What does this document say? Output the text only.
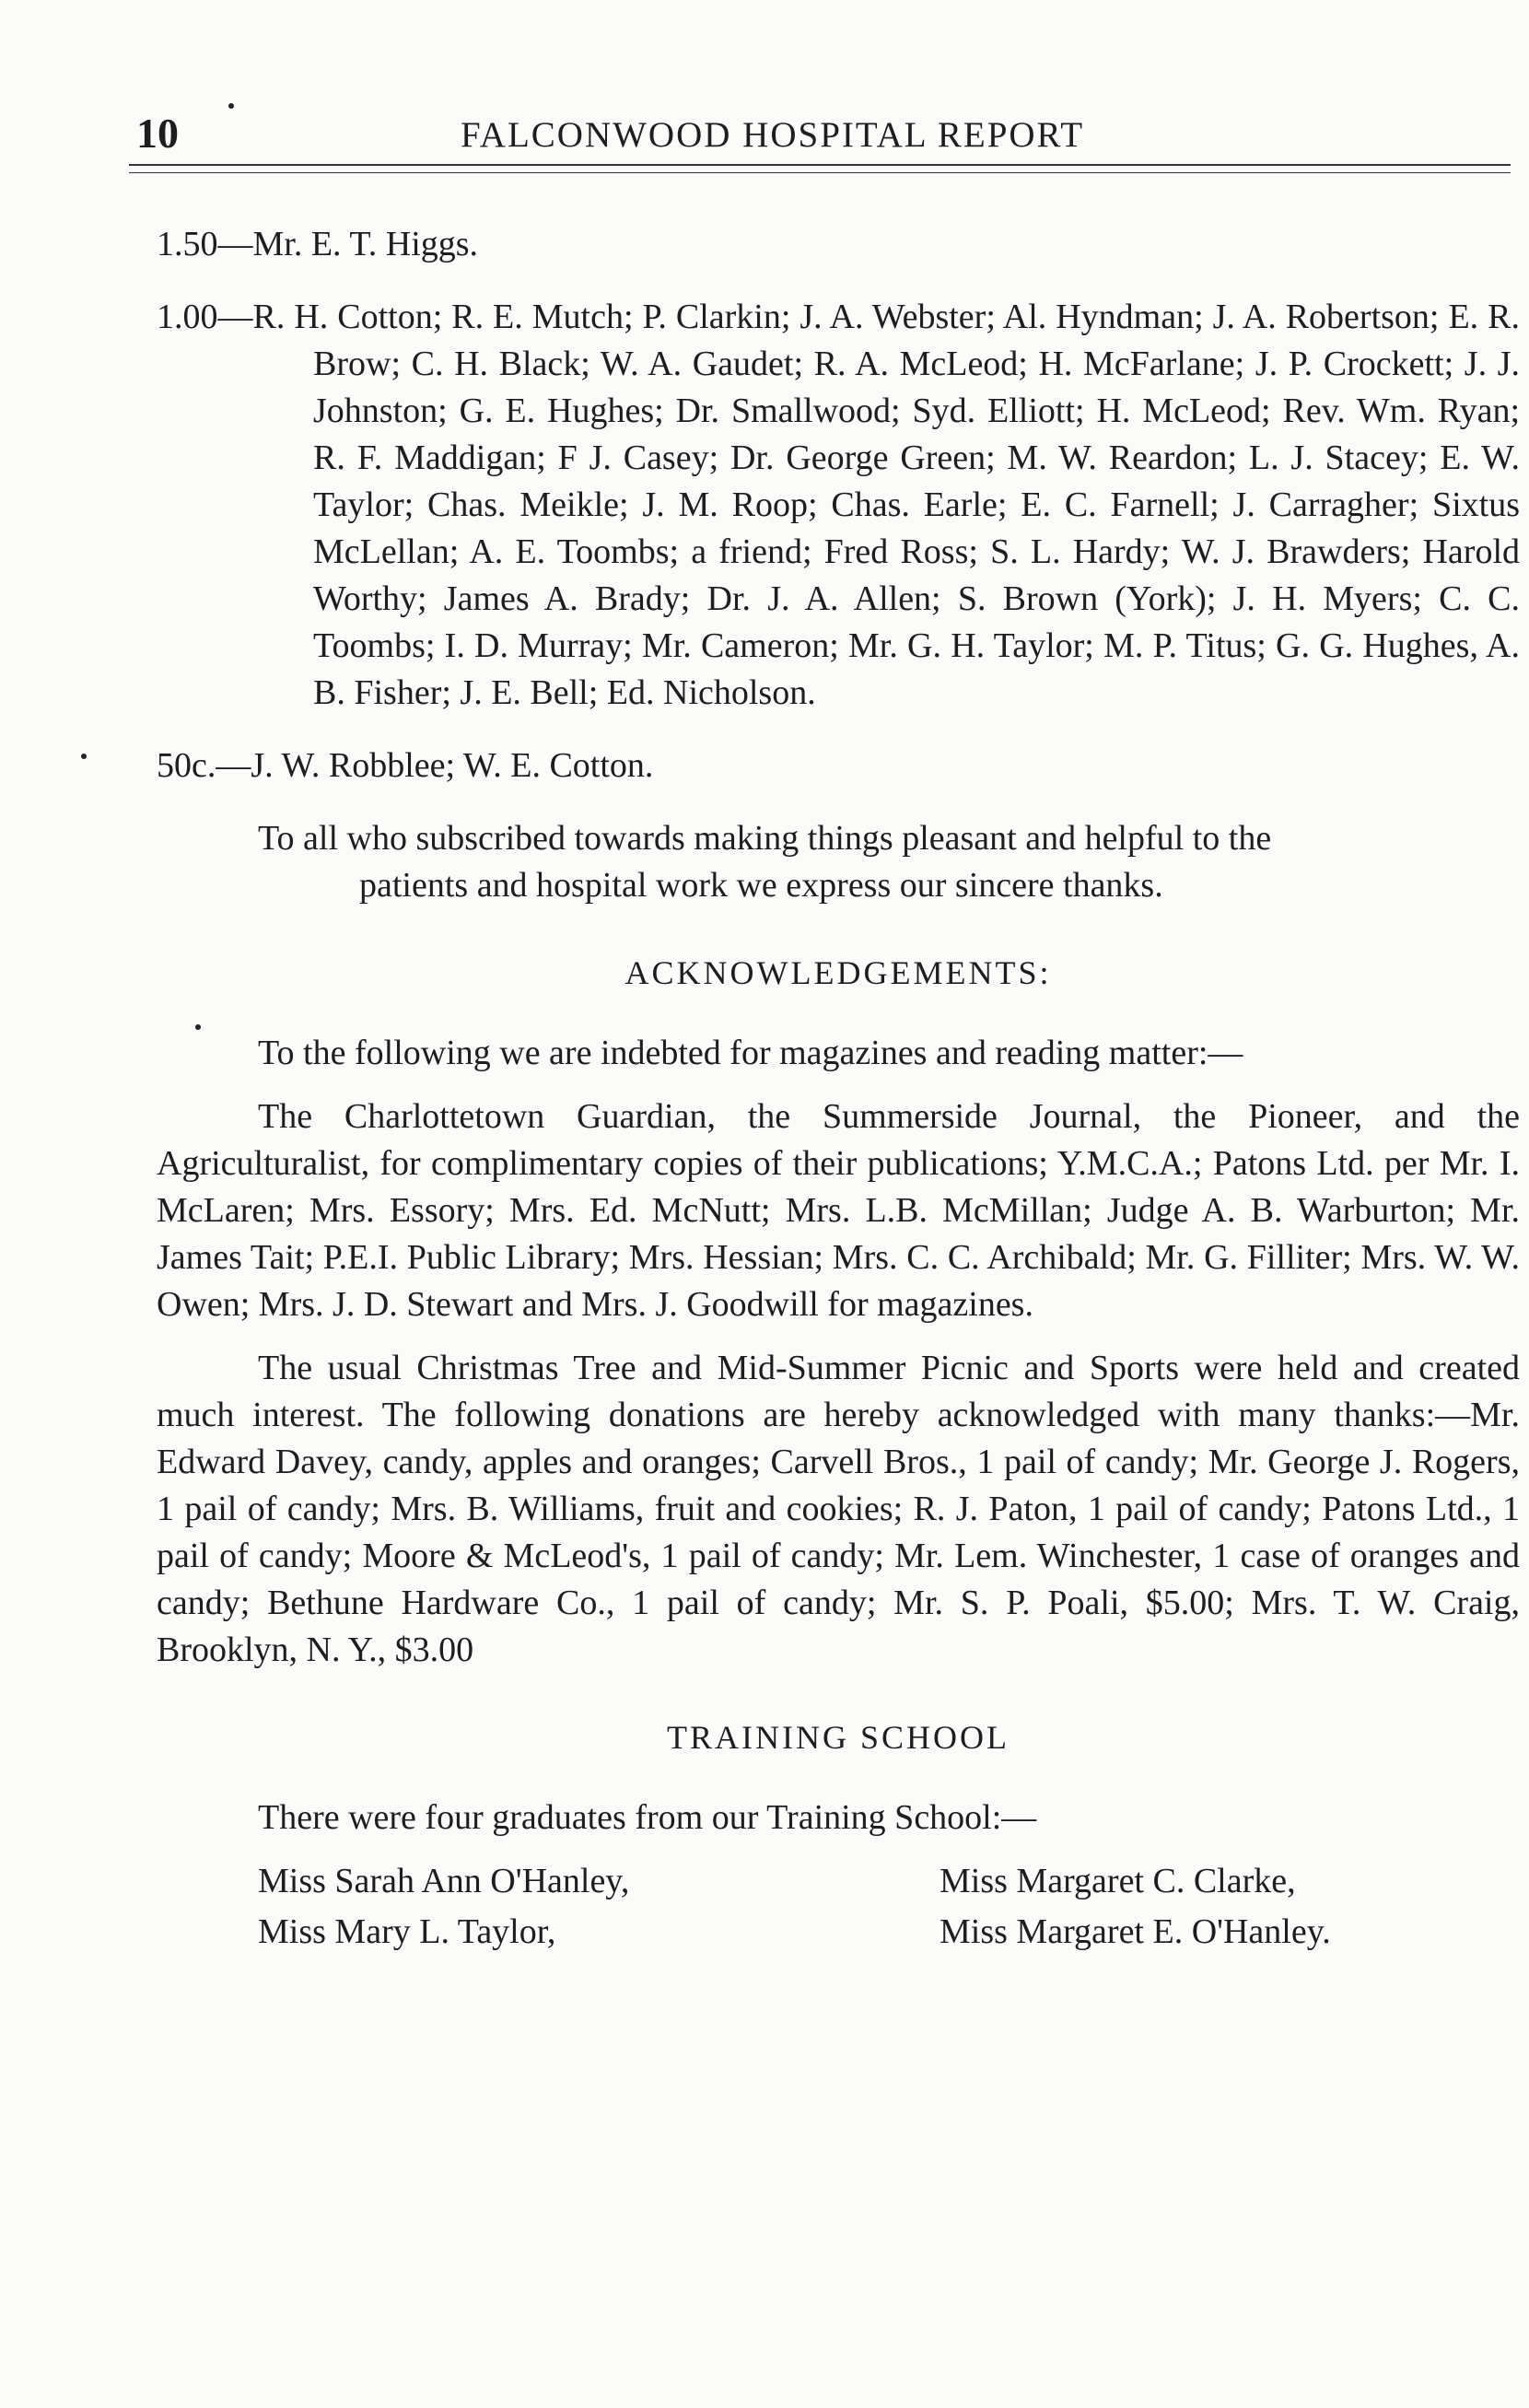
10	FALCONWOOD HOSPITAL REPORT

1.50—Mr. E. T. Higgs.

1.00—R. H. Cotton; R. E. Mutch; P. Clarkin; J. A. Webster; Al. Hyndman; J. A. Robertson; E. R. Brow; C. H. Black; W. A. Gaudet; R. A. McLeod; H. McFarlane; J. P. Crockett; J. J. Johnston; G. E. Hughes; Dr. Smallwood; Syd. Elliott; H. McLeod; Rev. Wm. Ryan; R. F. Maddigan; F J. Casey; Dr. George Green; M. W. Reardon; L. J. Stacey; E. W. Taylor; Chas. Meikle; J. M. Roop; Chas. Earle; E. C. Farnell; J. Carragher; Sixtus McLellan; A. E. Toombs; a friend; Fred Ross; S. L. Hardy; W. J. Brawders; Harold Worthy; James A. Brady; Dr. J. A. Allen; S. Brown (York); J. H. Myers; C. C. Toombs; I. D. Murray; Mr. Cameron; Mr. G. H. Taylor; M. P. Titus; G. G. Hughes, A. B. Fisher; J. E. Bell; Ed. Nicholson.

50c.—J. W. Robblee; W. E. Cotton.

To all who subscribed towards making things pleasant and helpful to the
patients and hospital work we express our sincere thanks.

ACKNOWLEDGEMENTS:

To the following we are indebted for magazines and reading matter:—

The Charlottetown Guardian, the Summerside Journal, the Pioneer, and the Agriculturalist, for complimentary copies of their publications; Y.M.C.A.; Patons Ltd. per Mr. I. McLaren; Mrs. Essory; Mrs. Ed. McNutt; Mrs. L.B. McMillan; Judge A. B. Warburton; Mr. James Tait; P.E.I. Public Library; Mrs. Hessian; Mrs. C. C. Archibald; Mr. G. Filliter; Mrs. W. W. Owen; Mrs. J. D. Stewart and Mrs. J. Goodwill for magazines.

The usual Christmas Tree and Mid-Summer Picnic and Sports were held and created much interest. The following donations are hereby acknowledged with many thanks:—Mr. Edward Davey, candy, apples and oranges; Carvell Bros., 1 pail of candy; Mr. George J. Rogers, 1 pail of candy; Mrs. B. Williams, fruit and cookies; R. J. Paton, 1 pail of candy; Patons Ltd., 1 pail of candy; Moore & McLeod's, 1 pail of candy; Mr. Lem. Winchester, 1 case of oranges and candy; Bethune Hardware Co., 1 pail of candy; Mr. S. P. Poali, $5.00; Mrs. T. W. Craig, Brooklyn, N. Y., $3.00

TRAINING SCHOOL

There were four graduates from our Training School:—

Miss Sarah Ann O'Hanley,	Miss Margaret C. Clarke,
Miss Mary L. Taylor,	Miss Margaret E. O'Hanley.
